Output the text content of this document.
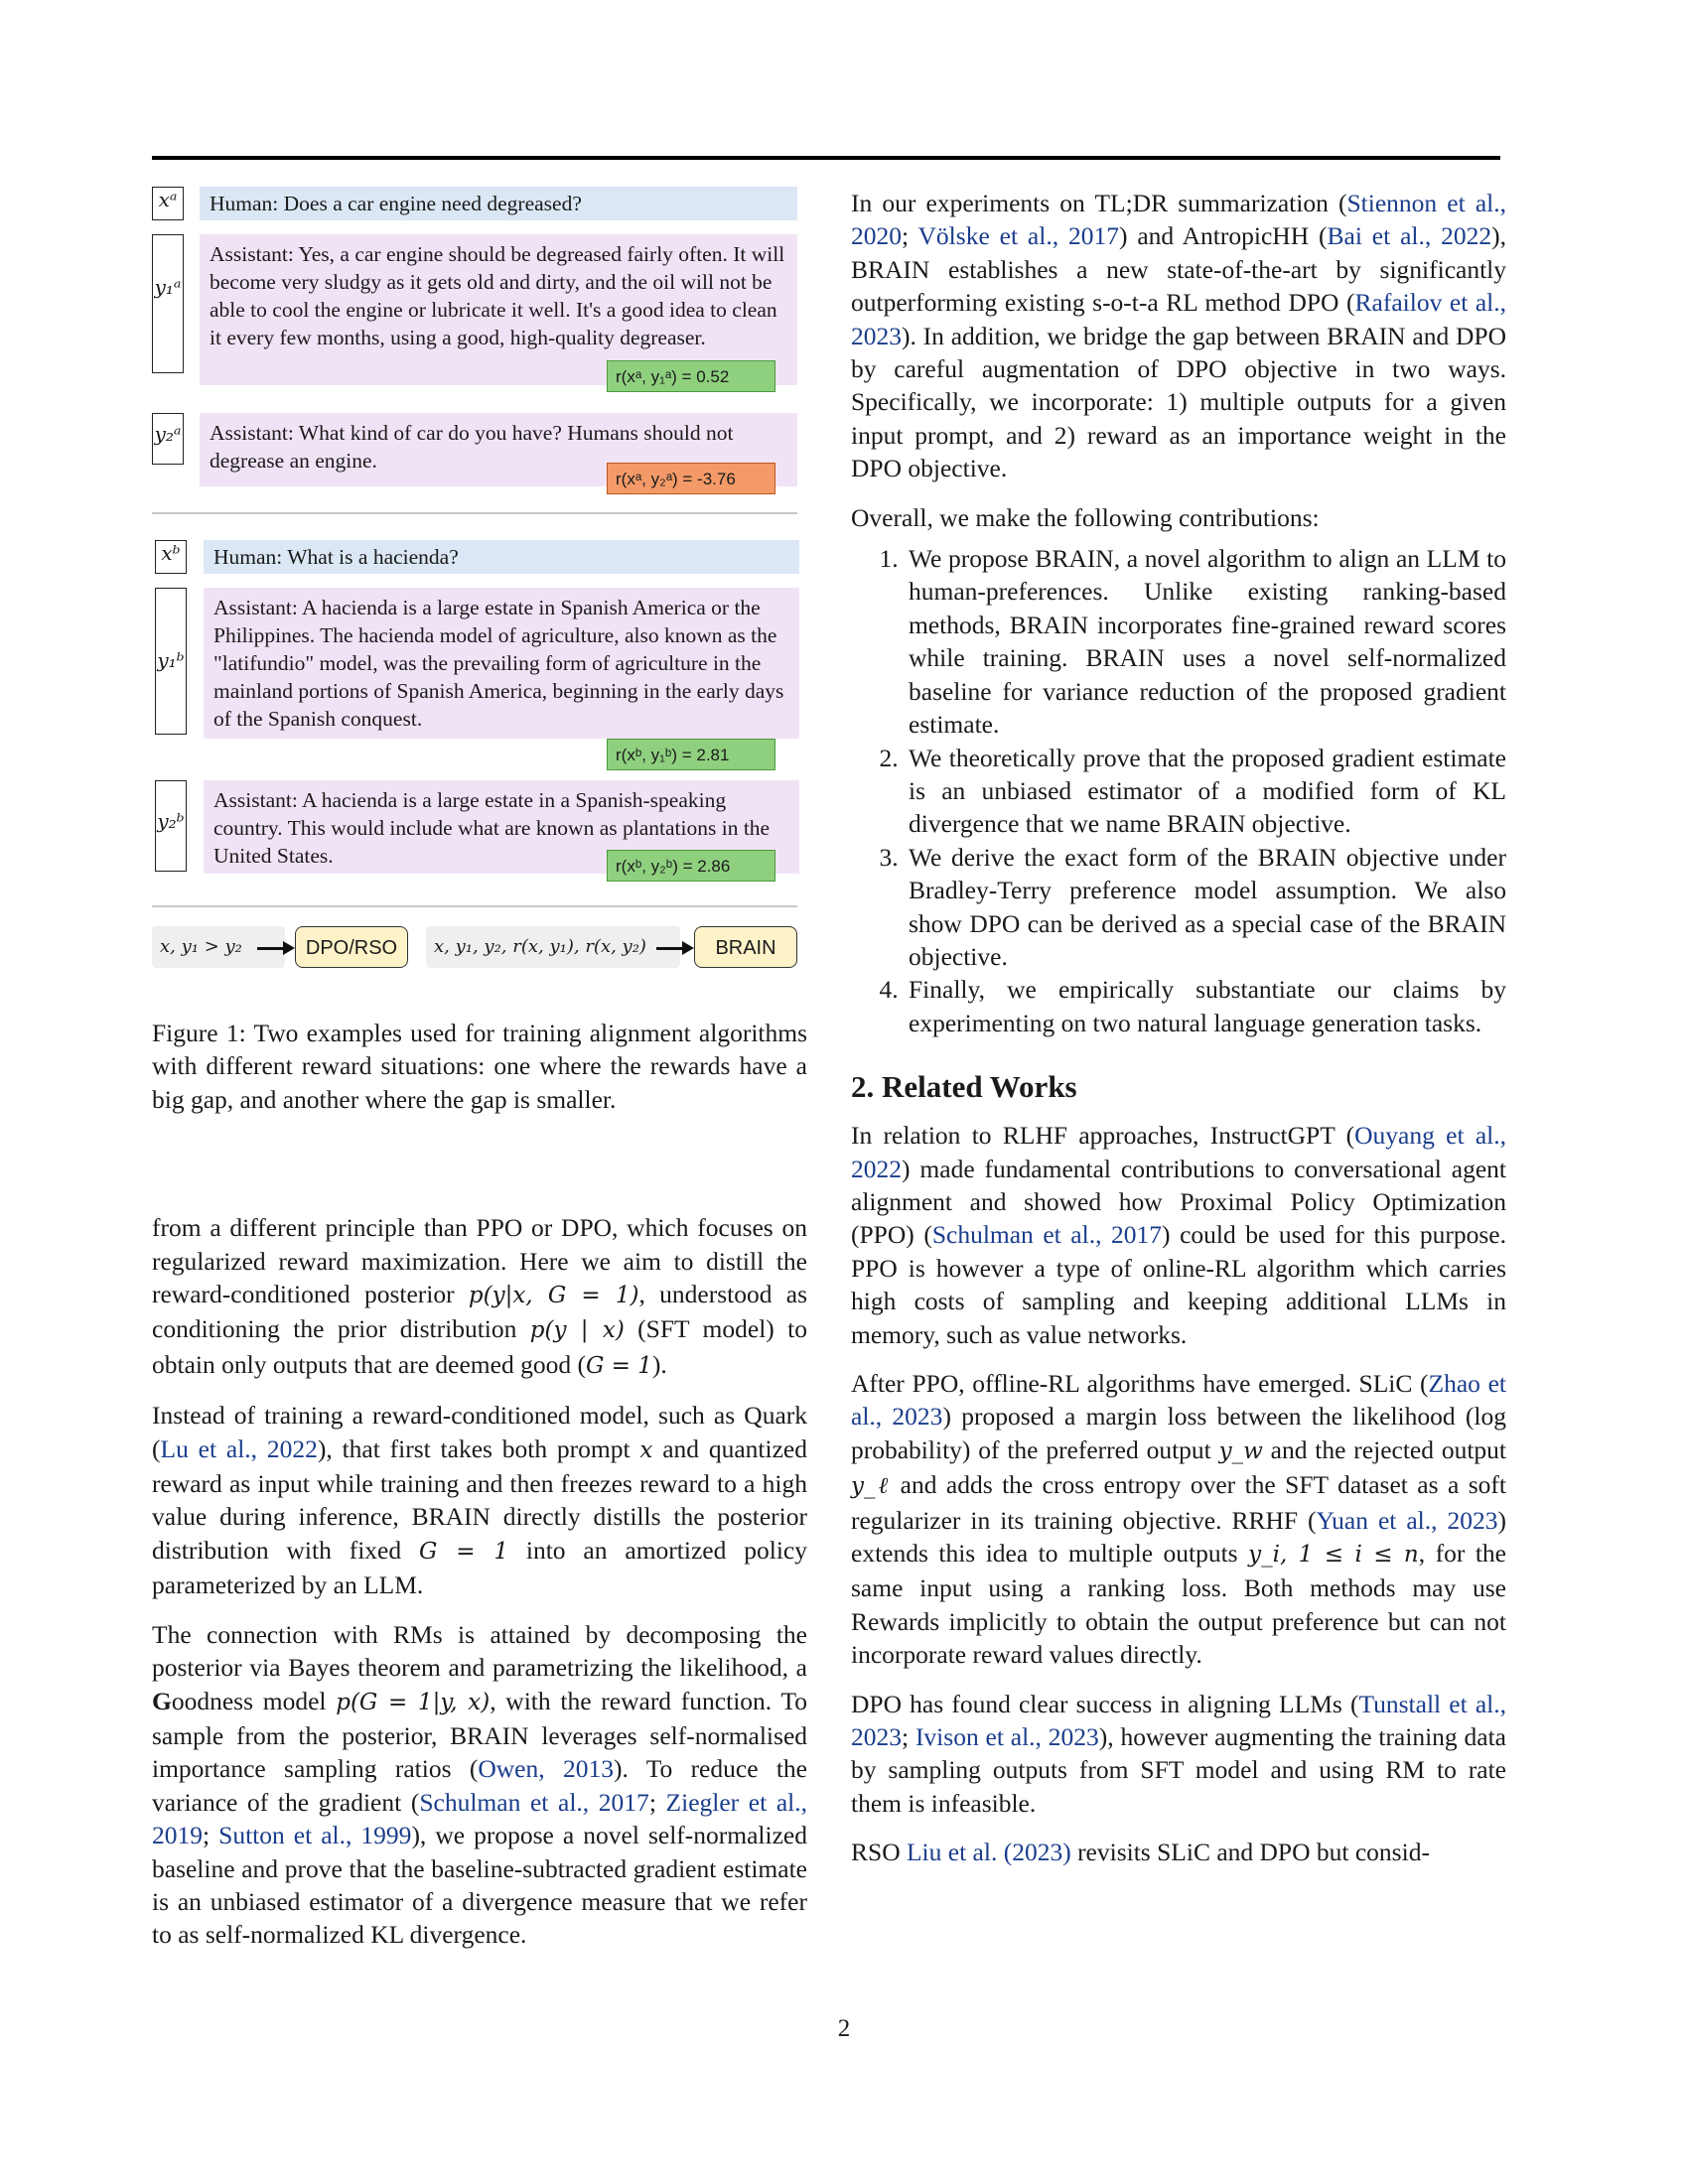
xᵃ	Human: Does a car engine need degreased?
y₁ᵃ
Assistant: Yes, a car engine should be degreased fairly often. It will become very sludgy as it gets old and dirty, and the oil will not be able to cool the engine or lubricate it well. It's a good idea to clean it every few months, using a good, high-quality degreaser.
r(xᵃ, y₁ᵃ) = 0.52
y₂ᵃ	Assistant: What kind of car do you have? Humans should not degrease an engine.
r(xᵃ, y₂ᵃ) = -3.76
xᵇ	Human: What is a hacienda?
y₁ᵇ
Assistant: A hacienda is a large estate in Spanish America or the Philippines. The hacienda model of agriculture, also known as the "latifundio" model, was the prevailing form of agriculture in the mainland portions of Spanish America, beginning in the early days of the Spanish conquest.
r(xᵇ, y₁ᵇ) = 2.81
y₂ᵇ
Assistant: A hacienda is a large estate in a Spanish-speaking country. This would include what are known as plantations in the United States.	r(xᵇ, y₂ᵇ) = 2.86
x, y₁ > y₂	DPO/RSO	x, y₁, y₂, r(x, y₁), r(x, y₂)	BRAIN

Figure 1: Two examples used for training alignment algorithms with different reward situations: one where the rewards have a big gap, and another where the gap is smaller.

from a different principle than PPO or DPO, which focuses on regularized reward maximization. Here we aim to distill the reward-conditioned posterior p(y|x, G = 1), understood as conditioning the prior distribution p(y | x) (SFT model) to obtain only outputs that are deemed good (G = 1).

Instead of training a reward-conditioned model, such as Quark (Lu et al., 2022), that first takes both prompt x and quantized reward as input while training and then freezes reward to a high value during inference, BRAIN directly distills the posterior distribution with fixed G = 1 into an amortized policy parameterized by an LLM.

The connection with RMs is attained by decomposing the posterior via Bayes theorem and parametrizing the likelihood, a Goodness model p(G = 1|y, x), with the reward function. To sample from the posterior, BRAIN leverages self-normalised importance sampling ratios (Owen, 2013). To reduce the variance of the gradient (Schulman et al., 2017; Ziegler et al., 2019; Sutton et al., 1999), we propose a novel self-normalized baseline and prove that the baseline-subtracted gradient estimate is an unbiased estimator of a divergence measure that we refer to as self-normalized KL divergence.

In our experiments on TL;DR summarization (Stiennon et al., 2020; Völske et al., 2017) and AntropicHH (Bai et al., 2022), BRAIN establishes a new state-of-the-art by significantly outperforming existing s-o-t-a RL method DPO (Rafailov et al., 2023). In addition, we bridge the gap between BRAIN and DPO by careful augmentation of DPO objective in two ways. Specifically, we incorporate: 1) multiple outputs for a given input prompt, and 2) reward as an importance weight in the DPO objective.

Overall, we make the following contributions:

1. We propose BRAIN, a novel algorithm to align an LLM to human-preferences. Unlike existing ranking-based methods, BRAIN incorporates fine-grained reward scores while training. BRAIN uses a novel self-normalized baseline for variance reduction of the proposed gradient estimate.
2. We theoretically prove that the proposed gradient estimate is an unbiased estimator of a modified form of KL divergence that we name BRAIN objective.
3. We derive the exact form of the BRAIN objective under Bradley-Terry preference model assumption. We also show DPO can be derived as a special case of the BRAIN objective.
4. Finally, we empirically substantiate our claims by experimenting on two natural language generation tasks.
2. Related Works

In relation to RLHF approaches, InstructGPT (Ouyang et al., 2022) made fundamental contributions to conversational agent alignment and showed how Proximal Policy Optimization (PPO) (Schulman et al., 2017) could be used for this purpose. PPO is however a type of online-RL algorithm which carries high costs of sampling and keeping additional LLMs in memory, such as value networks.

After PPO, offline-RL algorithms have emerged. SLiC (Zhao et al., 2023) proposed a margin loss between the likelihood (log probability) of the preferred output y_w and the rejected output y_ℓ and adds the cross entropy over the SFT dataset as a soft regularizer in its training objective. RRHF (Yuan et al., 2023) extends this idea to multiple outputs y_i, 1 ≤ i ≤ n, for the same input using a ranking loss. Both methods may use Rewards implicitly to obtain the output preference but can not incorporate reward values directly.

DPO has found clear success in aligning LLMs (Tunstall et al., 2023; Ivison et al., 2023), however augmenting the training data by sampling outputs from SFT model and using RM to rate them is infeasible.

RSO Liu et al. (2023) revisits SLiC and DPO but consid-

2
